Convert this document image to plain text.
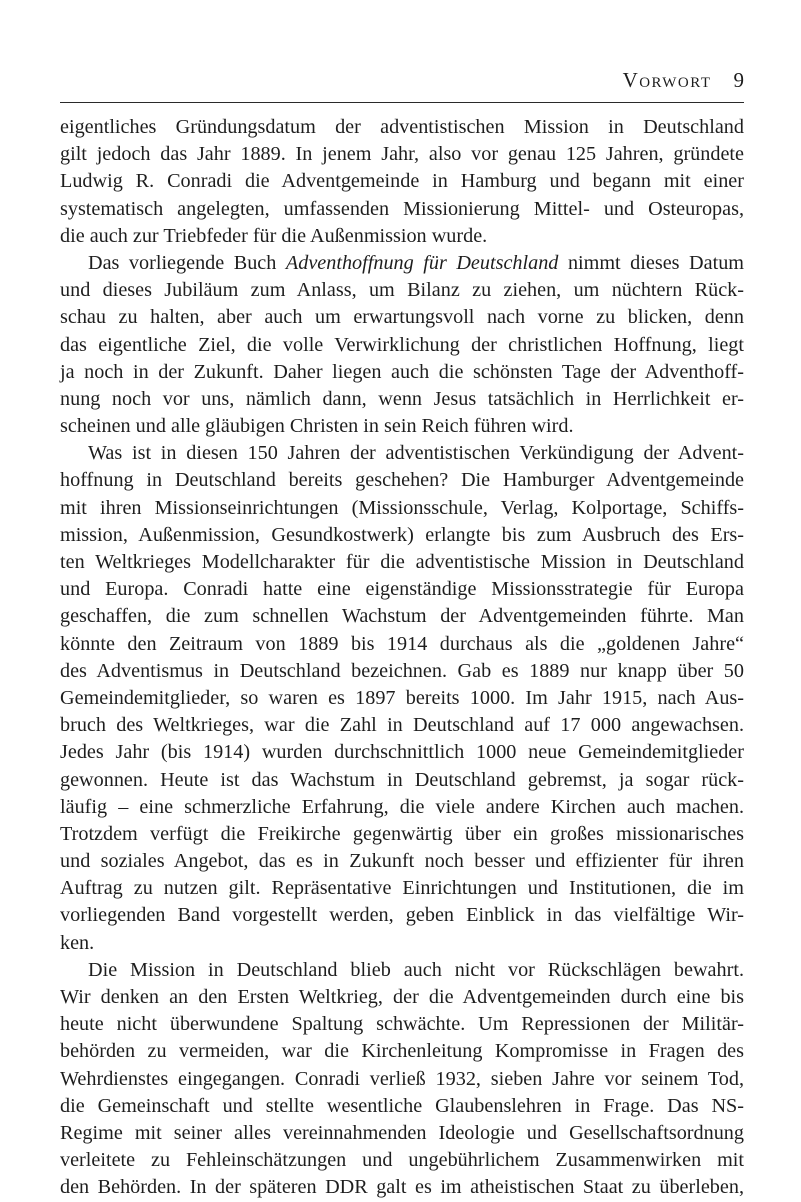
Vorwort 9
eigentliches Gründungsdatum der adventistischen Mission in Deutschland
gilt jedoch das Jahr 1889. In jenem Jahr, also vor genau 125 Jahren, gründete
Ludwig R. Conradi die Adventgemeinde in Hamburg und begann mit einer
systematisch angelegten, umfassenden Missionierung Mittel- und Osteuropas,
die auch zur Triebfeder für die Außenmission wurde.
Das vorliegende Buch Adventhoffnung für Deutschland nimmt dieses Datum
und dieses Jubiläum zum Anlass, um Bilanz zu ziehen, um nüchtern Rück-
schau zu halten, aber auch um erwartungsvoll nach vorne zu blicken, denn
das eigentliche Ziel, die volle Verwirklichung der christlichen Hoffnung, liegt
ja noch in der Zukunft. Daher liegen auch die schönsten Tage der Adventhoff-
nung noch vor uns, nämlich dann, wenn Jesus tatsächlich in Herrlichkeit er-
scheinen und alle gläubigen Christen in sein Reich führen wird.
Was ist in diesen 150 Jahren der adventistischen Verkündigung der Advent-
hoffnung in Deutschland bereits geschehen? Die Hamburger Adventgemeinde
mit ihren Missionseinrichtungen (Missionsschule, Verlag, Kolportage, Schiffs-
mission, Außenmission, Gesundkostwerk) erlangte bis zum Ausbruch des Ers-
ten Weltkrieges Modellcharakter für die adventistische Mission in Deutschland
und Europa. Conradi hatte eine eigenständige Missionsstrategie für Europa
geschaffen, die zum schnellen Wachstum der Adventgemeinden führte. Man
könnte den Zeitraum von 1889 bis 1914 durchaus als die „goldenen Jahre“
des Adventismus in Deutschland bezeichnen. Gab es 1889 nur knapp über 50
Gemeindemitglieder, so waren es 1897 bereits 1000. Im Jahr 1915, nach Aus-
bruch des Weltkrieges, war die Zahl in Deutschland auf 17 000 angewachsen.
Jedes Jahr (bis 1914) wurden durchschnittlich 1000 neue Gemeindemitglieder
gewonnen. Heute ist das Wachstum in Deutschland gebremst, ja sogar rück-
läufig – eine schmerzliche Erfahrung, die viele andere Kirchen auch machen.
Trotzdem verfügt die Freikirche gegenwärtig über ein großes missionarisches
und soziales Angebot, das es in Zukunft noch besser und effizienter für ihren
Auftrag zu nutzen gilt. Repräsentative Einrichtungen und Institutionen, die im
vorliegenden Band vorgestellt werden, geben Einblick in das vielfältige Wir-
ken.
Die Mission in Deutschland blieb auch nicht vor Rückschlägen bewahrt.
Wir denken an den Ersten Weltkrieg, der die Adventgemeinden durch eine bis
heute nicht überwundene Spaltung schwächte. Um Repressionen der Militär-
behörden zu vermeiden, war die Kirchenleitung Kompromisse in Fragen des
Wehrdienstes eingegangen. Conradi verließ 1932, sieben Jahre vor seinem Tod,
die Gemeinschaft und stellte wesentliche Glaubenslehren in Frage. Das NS-
Regime mit seiner alles vereinnahmenden Ideologie und Gesellschaftsordnung
verleitete zu Fehleinschätzungen und ungebührlichem Zusammenwirken mit
den Behörden. In der späteren DDR galt es im atheistischen Staat zu überleben,
